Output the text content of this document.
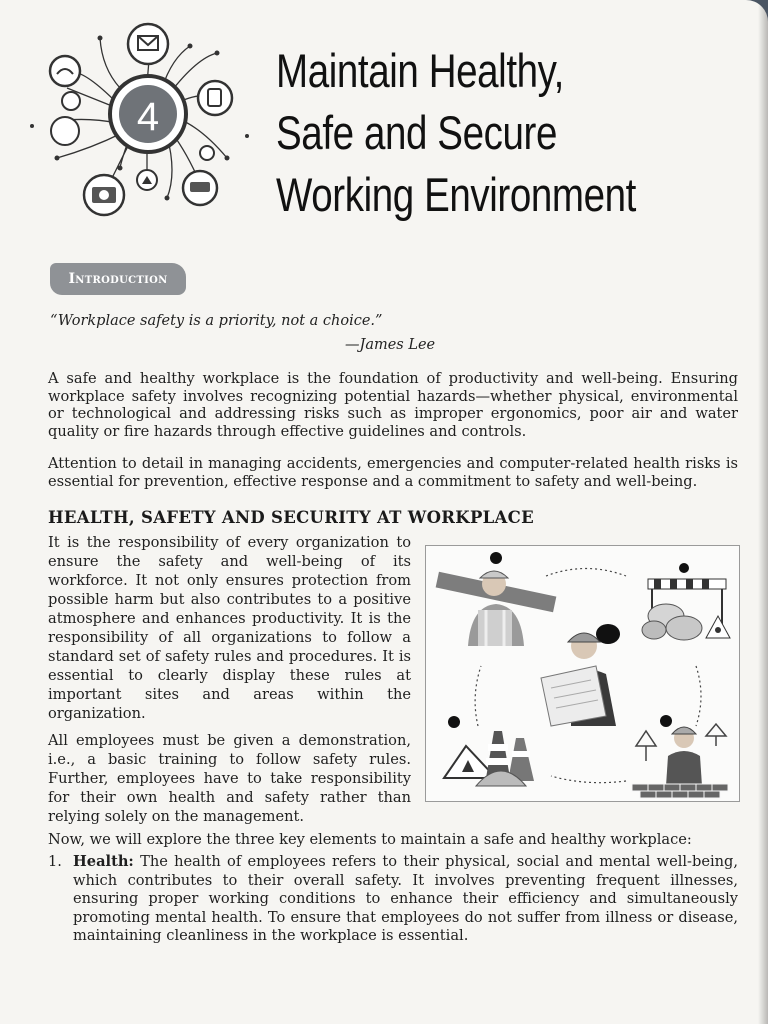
4
Maintain Healthy,
Safe and Secure
Working Environment
Introduction
“Workplace safety is a priority, not a choice.”
—James Lee
A safe and healthy workplace is the foundation of productivity and well-being. Ensuring workplace safety involves recognizing potential hazards—whether physical, environmental or technological and addressing risks such as improper ergonomics, poor air and water quality or fire hazards through effective guidelines and controls.
Attention to detail in managing accidents, emergencies and computer-related health risks is essential for prevention, effective response and a commitment to safety and well-being.
HEALTH, SAFETY AND SECURITY AT WORKPLACE
It is the responsibility of every organization to ensure the safety and well-being of its workforce. It not only ensures protection from possible harm but also contributes to a positive atmosphere and enhances productivity. It is the responsibility of all organizations to follow a standard set of safety rules and procedures. It is essential to clearly display these rules at important sites and areas within the organization.
All employees must be given a demonstration, i.e., a basic training to follow safety rules. Further, employees have to take responsibility for their own health and safety rather than relying solely on the management.
Now, we will explore the three key elements to maintain a safe and healthy workplace:
1. Health: The health of employees refers to their physical, social and mental well-being, which contributes to their overall safety. It involves preventing frequent illnesses, ensuring proper working conditions to enhance their efficiency and simultaneously promoting mental health. To ensure that employees do not suffer from illness or disease, maintaining cleanliness in the workplace is essential.
